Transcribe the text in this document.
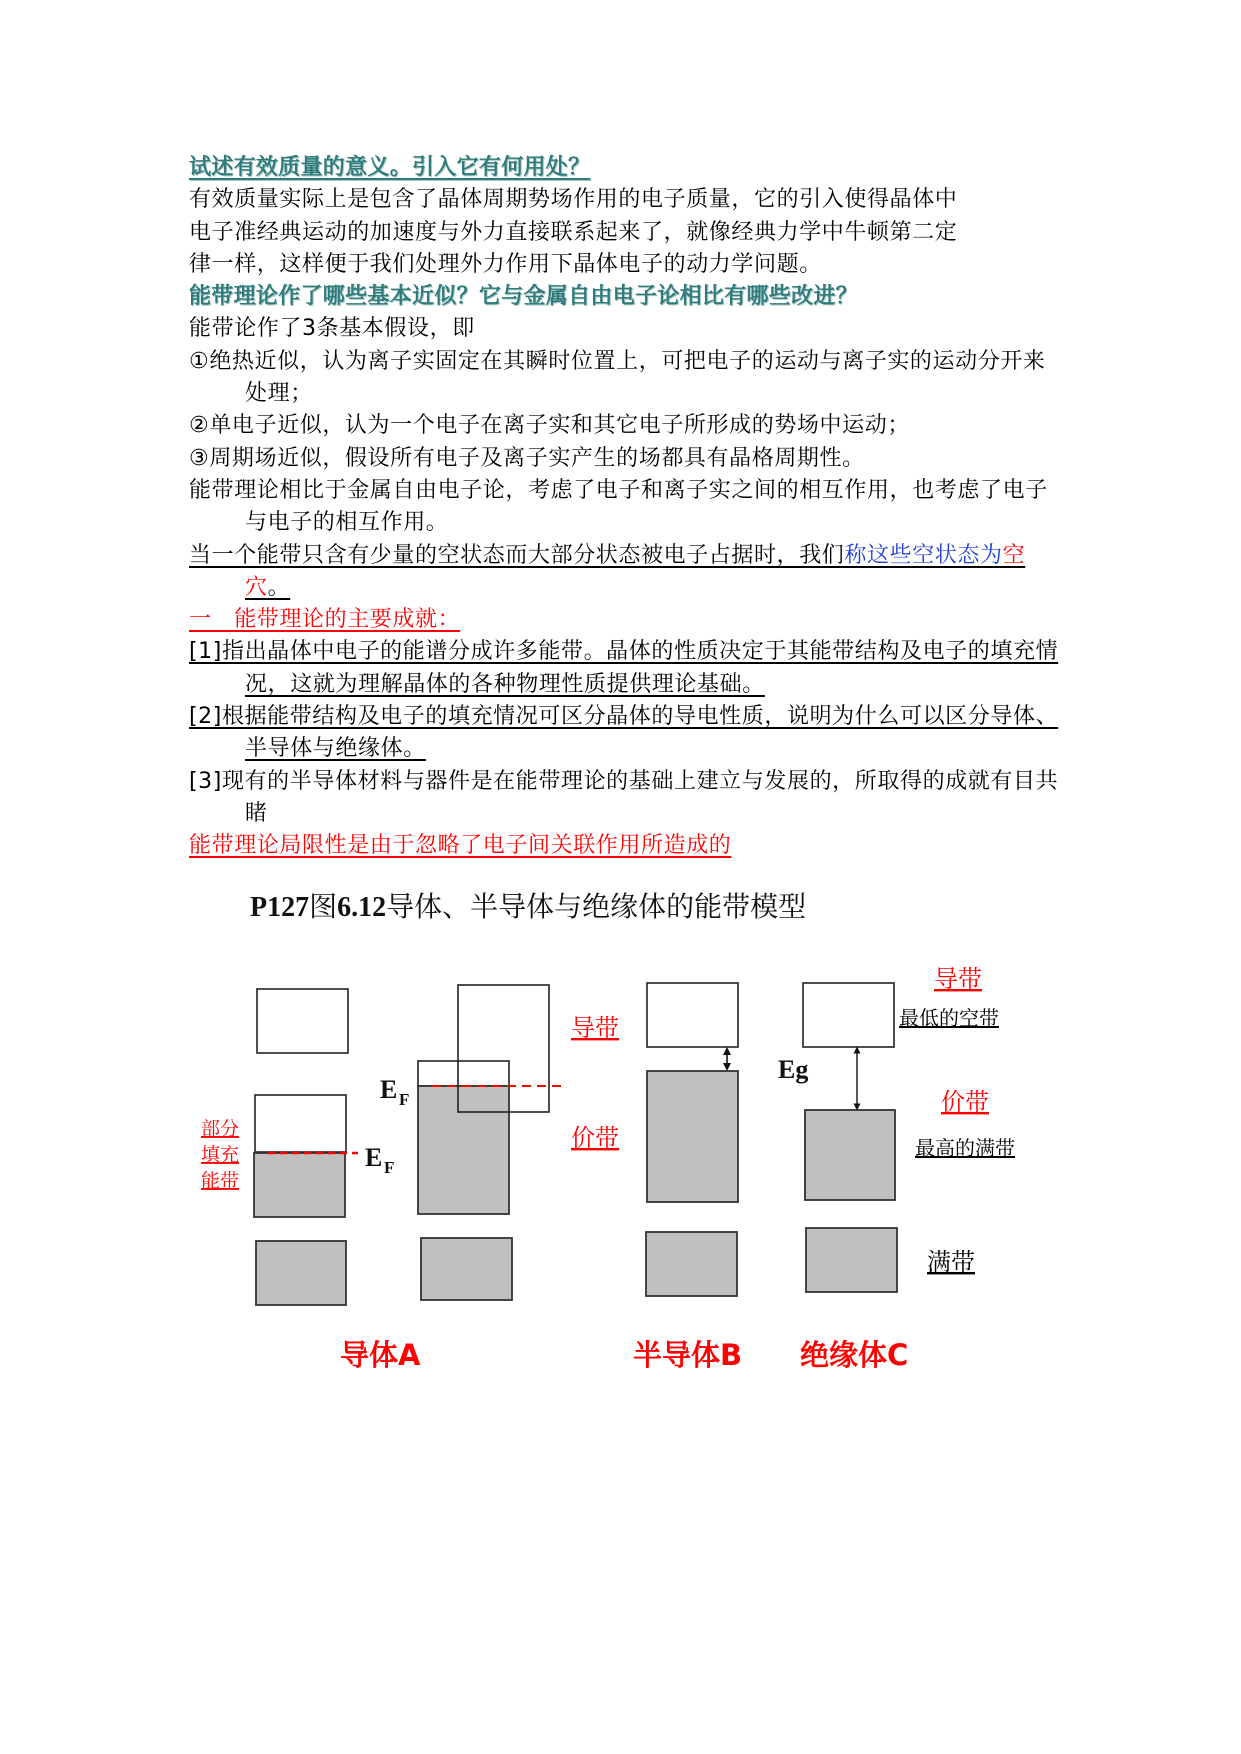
试述有效质量的意义。引入它有何用处？
有效质量实际上是包含了晶体周期势场作用的电子质量，它的引入使得晶体中
电子准经典运动的加速度与外力直接联系起来了，就像经典力学中牛顿第二定
律一样，这样便于我们处理外力作用下晶体电子的动力学问题。
能带理论作了哪些基本近似？它与金属自由电子论相比有哪些改进？
能带论作了3条基本假设，即
①绝热近似，认为离子实固定在其瞬时位置上，可把电子的运动与离子实的运动分开来处理；
②单电子近似，认为一个电子在离子实和其它电子所形成的势场中运动；
③周期场近似，假设所有电子及离子实产生的场都具有晶格周期性。
能带理论相比于金属自由电子论，考虑了电子和离子实之间的相互作用，也考虑了电子与电子的相互作用。
当一个能带只含有少量的空状态而大部分状态被电子占据时，我们称这些空状态为空穴。
一　能带理论的主要成就：
[1]指出晶体中电子的能谱分成许多能带。晶体的性质决定于其能带结构及电子的填充情况，这就为理解晶体的各种物理性质提供理论基础。
[2]根据能带结构及电子的填充情况可区分晶体的导电性质，说明为什么可以区分导体、半导体与绝缘体。
[3]现有的半导体材料与器件是在能带理论的基础上建立与发展的，所取得的成就有目共睹
能带理论局限性是由于忽略了电子间关联作用所造成的
P127图6.12导体、半导体与绝缘体的能带模型
部分
填充
能带
E F
E F
导带
价带
Eg
导带
最低的空带
价带
最高的满带
满带
导体A	半导体B 绝缘体C
